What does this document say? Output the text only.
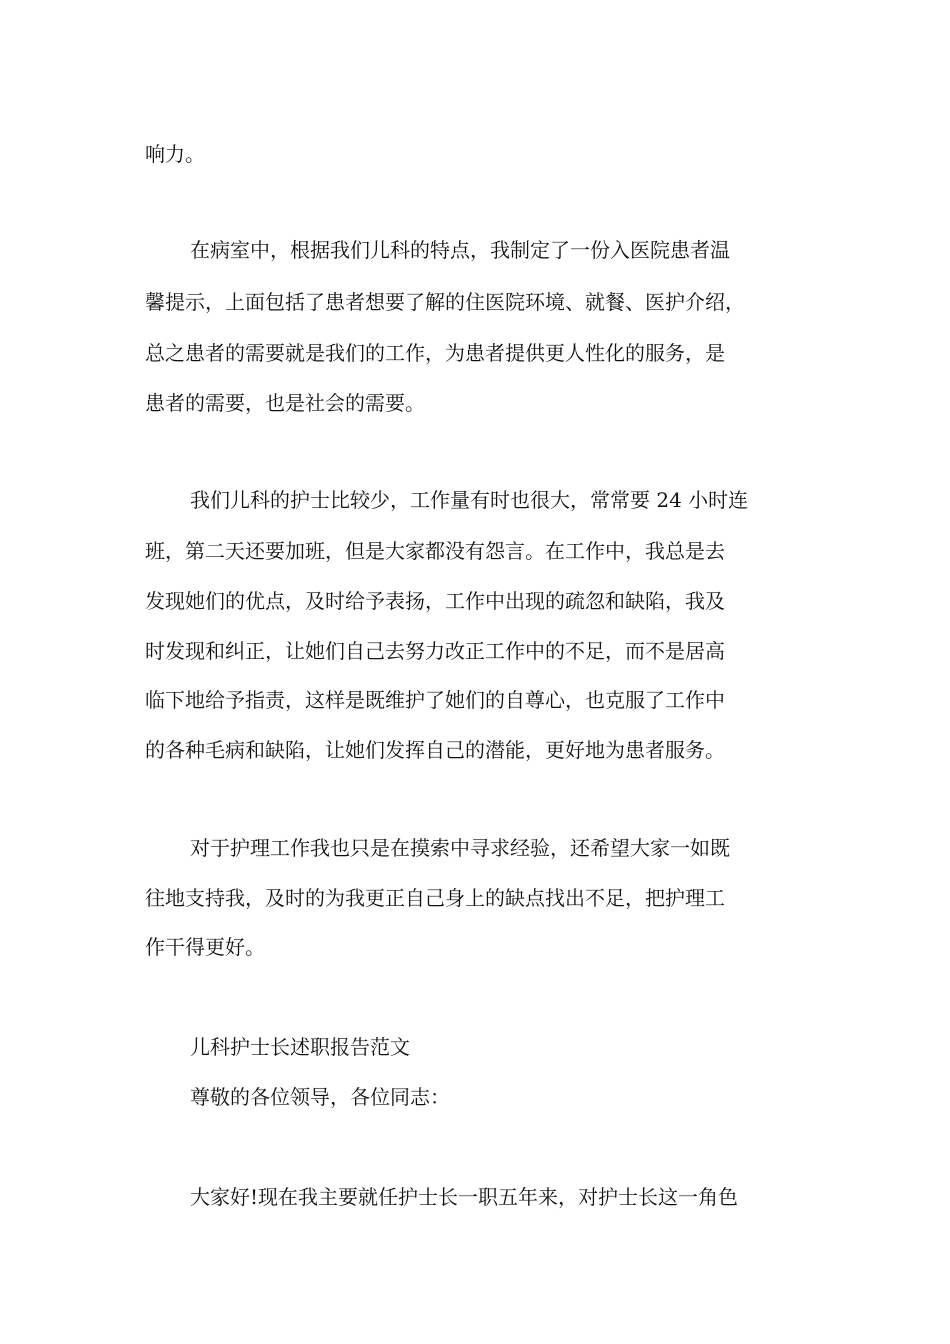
响力。
在病室中，根据我们儿科的特点，我制定了一份入医院患者温
馨提示，上面包括了患者想要了解的住医院环境、就餐、医护介绍，
总之患者的需要就是我们的工作，为患者提供更人性化的服务，是
患者的需要，也是社会的需要。
我们儿科的护士比较少，工作量有时也很大，常常要 24 小时连
班，第二天还要加班，但是大家都没有怨言。在工作中，我总是去
发现她们的优点，及时给予表扬，工作中出现的疏忽和缺陷，我及
时发现和纠正，让她们自己去努力改正工作中的不足，而不是居高
临下地给予指责，这样是既维护了她们的自尊心，也克服了工作中
的各种毛病和缺陷，让她们发挥自己的潜能，更好地为患者服务。
对于护理工作我也只是在摸索中寻求经验，还希望大家一如既
往地支持我，及时的为我更正自己身上的缺点找出不足，把护理工
作干得更好。
儿科护士长述职报告范文
尊敬的各位领导，各位同志：
大家好!现在我主要就任护士长一职五年来，对护士长这一角色
